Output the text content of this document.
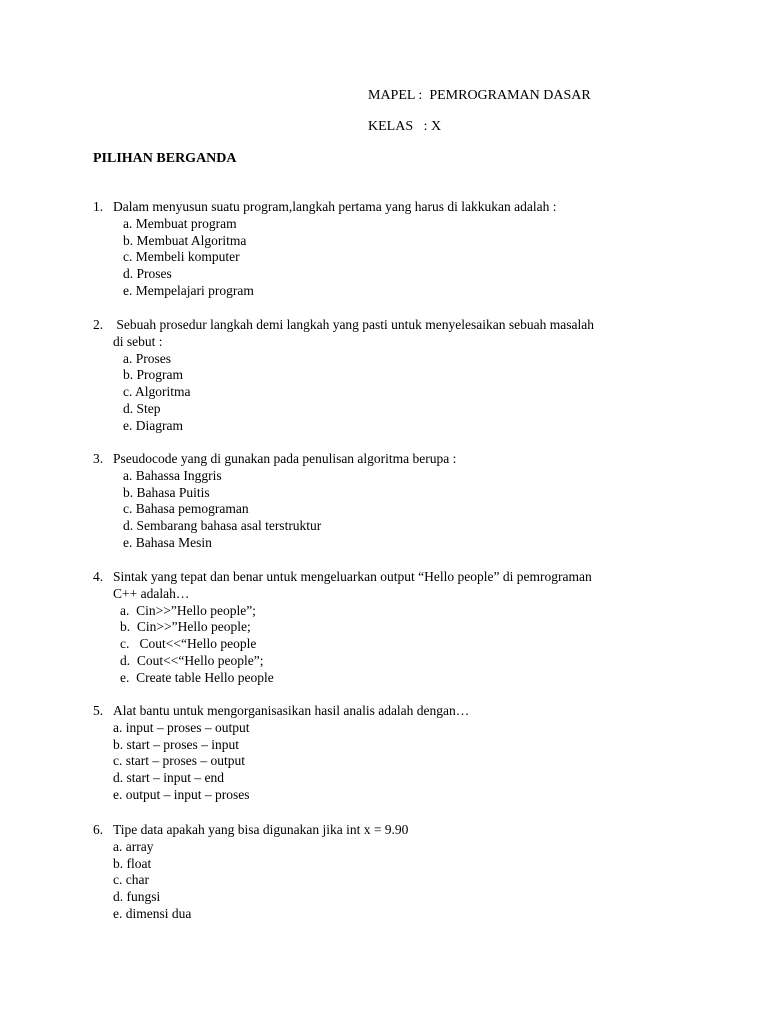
MAPEL :  PEMROGRAMAN DASAR
KELAS   : X
PILIHAN BERGANDA
1. Dalam menyusun suatu program,langkah pertama yang harus di lakkukan adalah :
a. Membuat program
b. Membuat Algoritma
c. Membeli komputer
d. Proses
e. Mempelajari program
2. Sebuah prosedur langkah demi langkah yang pasti untuk menyelesaikan sebuah masalah
di sebut :
a. Proses
b. Program
c. Algoritma
d. Step
e. Diagram
3. Pseudocode yang di gunakan pada penulisan algoritma berupa :
a. Bahassa Inggris
b. Bahasa Puitis
c. Bahasa pemograman
d. Sembarang bahasa asal terstruktur
e. Bahasa Mesin
4. Sintak yang tepat dan benar untuk mengeluarkan output “Hello people” di pemrograman
C++ adalah…
a.  Cin>>”Hello people”;
b.  Cin>>”Hello people;
c.   Cout<<“Hello people
d.  Cout<<“Hello people”;
e.  Create table Hello people
5. Alat bantu untuk mengorganisasikan hasil analis adalah dengan…
a. input – proses – output
b. start – proses – input
c. start – proses – output
d. start – input – end
e. output – input – proses
6. Tipe data apakah yang bisa digunakan jika int x = 9.90
a. array
b. float
c. char
d. fungsi
e. dimensi dua
